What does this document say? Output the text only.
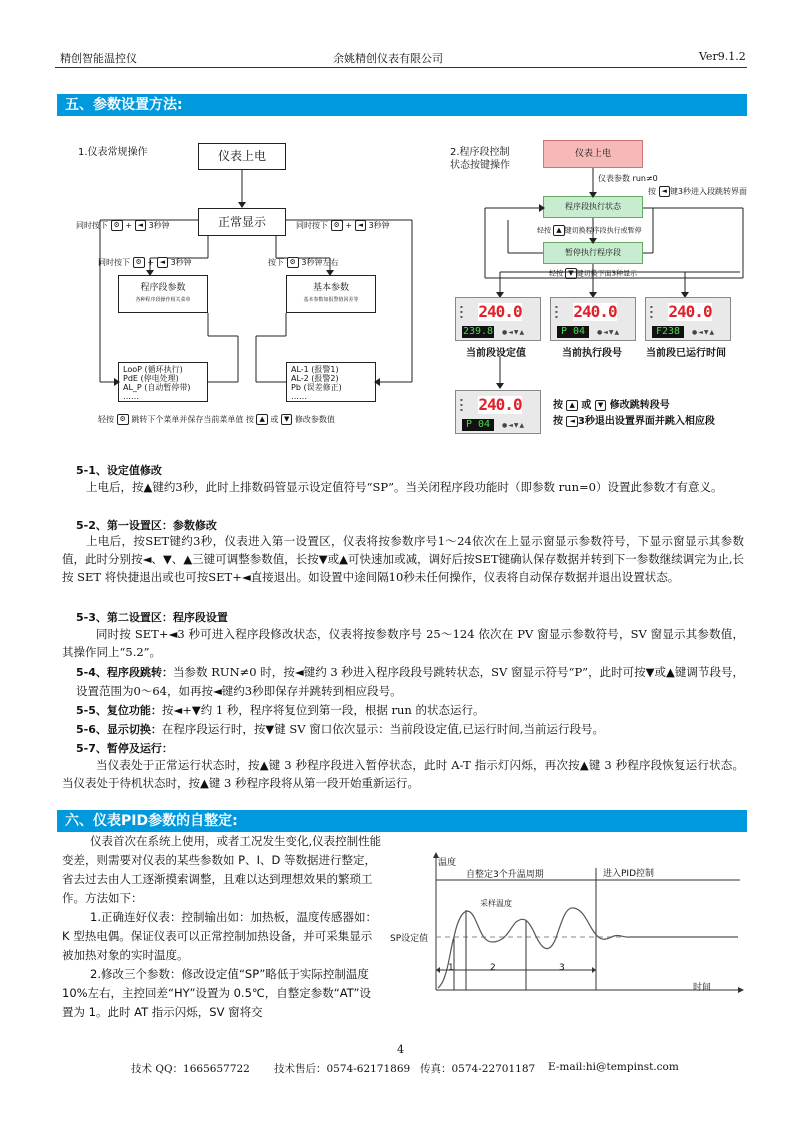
精创智能温控仪	余姚精创仪表有限公司	Ver9.1.2
五、参数设置方法:
1.仪表常规操作	仪表上电
正常显示
程序段参数
各种程序段操作相关菜单
基本参数
基本参数如报警值回差等
LooP (循环执行)
PdE (停电处理)
AL_P (自动暂停带)
……
AL-1 (报警1)
AL-2 (报警2)
Pb (误差修正)
……
同时按下 ⚙ + ◄ 3秒钟	同时按下 ⚙ + ◄ 3秒钟
同时按下 ⚙ + ◄ 3秒钟	按下 ⚙ 3秒钟左右
轻按 ⚙ 跳转下个菜单并保存当前菜单值 按 ▲ 或 ▼ 修改参数值
2.程序段控制
状态按键操作
仪表上电
仪表参数 run≠0
按 ◄ 键3秒进入段跳转界面
程序段执行状态
轻按 ▲ 键切换程序段执行或暂停
暂停执行程序段
轻按 ▼ 键切换下面3种显示
▪
▪
▪ 240.0
239.8 ●◄▼▲
▪
▪
▪ 240.0
P 04	●◄▼▲
▪
▪
▪ 240.0
F238	●◄▼▲
当前段设定值	当前执行段号 当前段已运行时间
▪
▪
▪ 240.0
P 04	●◄▼▲
按 ▲ 或 ▼ 修改跳转段号
按 ◄ 3秒退出设置界面并跳入相应段
5-1、设定值修改
上电后，按▲键约3秒，此时上排数码管显示设定值符号“SP”。当关闭程序段功能时（即参数 run=0）设置此参数才有意义。
5-2、第一设置区：参数修改
上电后，按SET键约3秒，仪表进入第一设置区，仪表将按参数序号1～24依次在上显示窗显示参数符号，下显示窗显示其参数值，此时分别按◄、▼、▲三键可调整参数值，长按▼或▲可快速加或减，调好后按SET键确认保存数据并转到下一参数继续调完为止,长按 SET 将快捷退出或也可按SET+◄直接退出。如设置中途间隔10秒未任何操作，仪表将自动保存数据并退出设置状态。
5-3、第二设置区：程序段设置
同时按 SET+◄3 秒可进入程序段修改状态，仪表将按参数序号 25～124 依次在 PV 窗显示参数符号，SV 窗显示其参数值，其操作同上“5.2”。
5-4、程序段跳转：当参数 RUN≠0 时，按◄键约 3 秒进入程序段段号跳转状态，SV 窗显示符号“P”，此时可按▼或▲键调节段号，设置范围为0～64，如再按◄键约3秒即保存并跳转到相应段号。
5-5、复位功能：按◄+▼约 1 秒，程序将复位到第一段，根据 run 的状态运行。
5-6、显示切换：在程序段运行时，按▼键 SV 窗口依次显示：当前段设定值,已运行时间,当前运行段号。
5-7、暂停及运行：
当仪表处于正常运行状态时，按▲键 3 秒程序段进入暂停状态，此时 A-T 指示灯闪烁，再次按▲键 3 秒程序段恢复运行状态。当仪表处于待机状态时，按▲键 3 秒程序段将从第一段开始重新运行。
六、仪表PID参数的自整定:
仪表首次在系统上使用，或者工况发生变化,仪表控制性能变差，则需要对仪表的某些参数如 P、I、D 等数据进行整定，省去过去由人工逐渐摸索调整，且难以达到理想效果的繁琐工作。方法如下：
1.正确连好仪表：控制输出如：加热板，温度传感器如：K 型热电偶。保证仪表可以正常控制加热设备，并可采集显示被加热对象的实时温度。
2.修改三个参数：修改设定值“SP”略低于实际控制温度 10%左右，主控回差“HY”设置为 0.5℃，自整定参数“AT”设置为 1。此时 AT 指示闪烁，SV 窗将交
温度
时间
SP设定值
采样温度
自整定3个升温周期	进入PID控制
1	2	3
4
技术 QQ：1665657722 技术售后：0574-62171869 传真：0574-22701187 E-mail:hi@tempinst.com
